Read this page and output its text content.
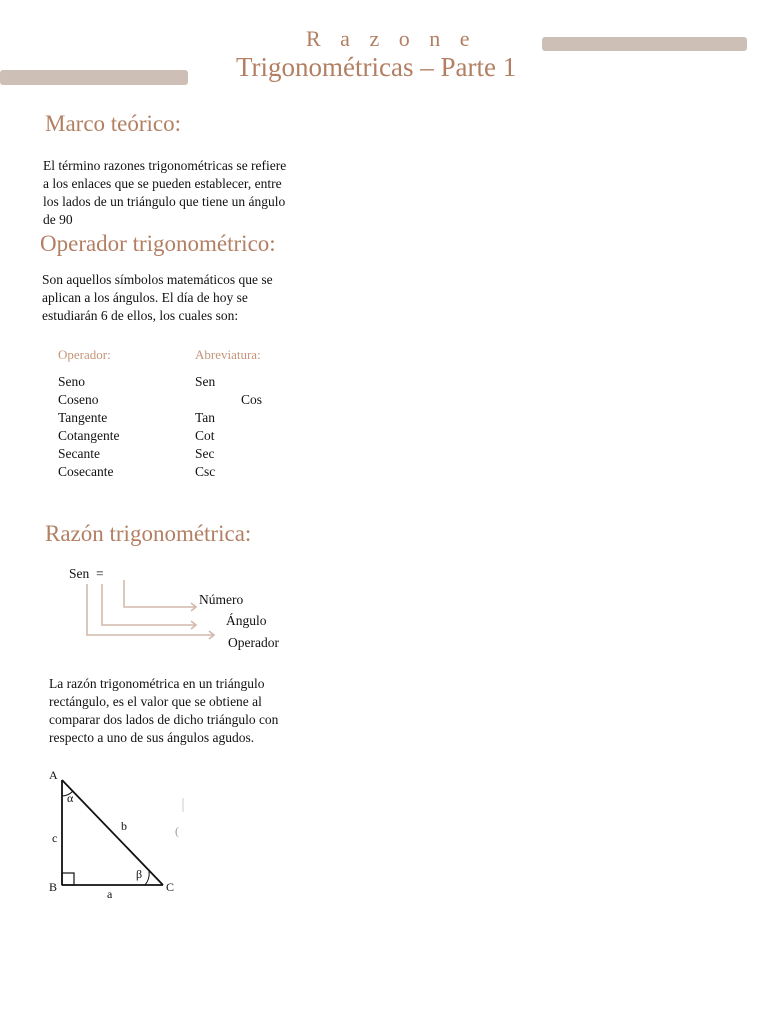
R a z o n e
Trigonométricas – Parte 1
Marco teórico:

El término razones trigonométricas se refiere

a los enlaces que se pueden establecer, entre

los lados de un triángulo que tiene un ángulo

de 90

Operador trigonométrico:

Son aquellos símbolos matemáticos que se

aplican a los ángulos. El día de hoy se

estudiarán 6 de ellos, los cuales son:

Operador:	Abreviatura:
Seno	Sen
Coseno	Cos
Tangente	Tan
Cotangente	Cot
Secante	Sec
Cosecante	Csc
Razón trigonométrica:
Sen  =
Número
Ángulo
Operador

La razón trigonométrica en un triángulo

rectángulo, es el valor que se obtiene al

comparar dos lados de dicho triángulo con

respecto a uno de sus ángulos agudos.

A
B	C
c
b
a
α
β
(
